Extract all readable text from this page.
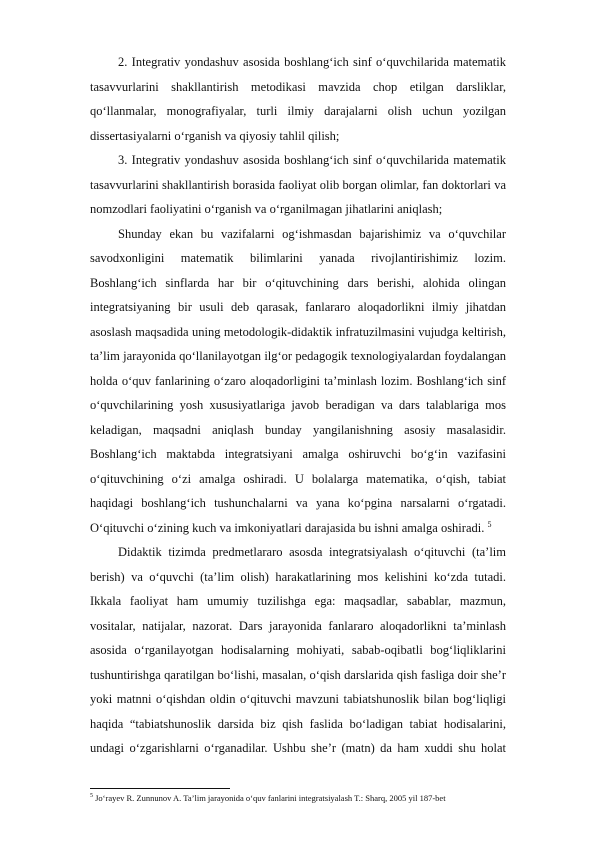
2. Integrativ yondashuv asosida boshlang‘ich sinf o‘quvchilarida matematik tasavvurlarini shakllantirish metodikasi mavzida chop etilgan darsliklar, qo‘llanmalar, monografiyalar, turli ilmiy darajalarni olish uchun yozilgan dissertasiyalarni o‘rganish va qiyosiy tahlil qilish;

3. Integrativ yondashuv asosida boshlang‘ich sinf o‘quvchilarida matematik tasavvurlarini shakllantirish borasida faoliyat olib borgan olimlar, fan doktorlari va nomzodlari faoliyatini o‘rganish va o‘rganilmagan jihatlarini aniqlash;

Shunday ekan bu vazifalarni og‘ishmasdan bajarishimiz va o‘quvchilar savodxonligini matematik bilimlarini yanada rivojlantirishimiz lozim. Boshlang‘ich sinflarda har bir o‘qituvchining dars berishi, alohida olingan integratsiyaning bir usuli deb qarasak, fanlararo aloqadorlikni ilmiy jihatdan asoslash maqsadida uning metodologik-didaktik infratuzilmasini vujudga keltirish, ta’lim jarayonida qo‘llanilayotgan ilg‘or pedagogik texnologiyalardan foydalangan holda o‘quv fanlarining o‘zaro aloqadorligini ta’minlash lozim. Boshlang‘ich sinf o‘quvchilarining yosh xususiyatlariga javob beradigan va dars talablariga mos keladigan, maqsadni aniqlash bunday yangilanishning asosiy masalasidir. Boshlang‘ich maktabda integratsiyani amalga oshiruvchi bo‘g‘in vazifasini o‘qituvchining o‘zi amalga oshiradi. U bolalarga matematika, o‘qish, tabiat haqidagi boshlang‘ich tushunchalarni va yana ko‘pgina narsalarni o‘rgatadi. O‘qituvchi o‘zining kuch va imkoniyatlari darajasida bu ishni amalga oshiradi. $^5$

Didaktik tizimda predmetlararo asosda integratsiyalash o‘qituvchi (ta’lim berish) va o‘quvchi (ta’lim olish) harakatlarining mos kelishini ko‘zda tutadi. Ikkala faoliyat ham umumiy tuzilishga ega: maqsadlar, sabablar, mazmun, vositalar, natijalar, nazorat. Dars jarayonida fanlararo aloqadorlikni ta’minlash asosida o‘rganilayotgan hodisalarning mohiyati, sabab-oqibatli bog‘liqliklarini tushuntirishga qaratilgan bo‘lishi, masalan, o‘qish darslarida qish fasliga doir she’r yoki matnni o‘qishdan oldin o‘qituvchi mavzuni tabiatshunoslik bilan bog‘liqligi haqida “tabiatshunoslik darsida biz qish faslida bo‘ladigan tabiat hodisalarini, undagi o‘zgarishlarni o‘rganadilar. Ushbu she’r (matn) da ham xuddi shu holat

$^5$ Jo‘rayev R. Zunnunov A. Ta’lim jarayonida o‘quv fanlarini integratsiyalash T.: Sharq, 2005 yil 187-bet
